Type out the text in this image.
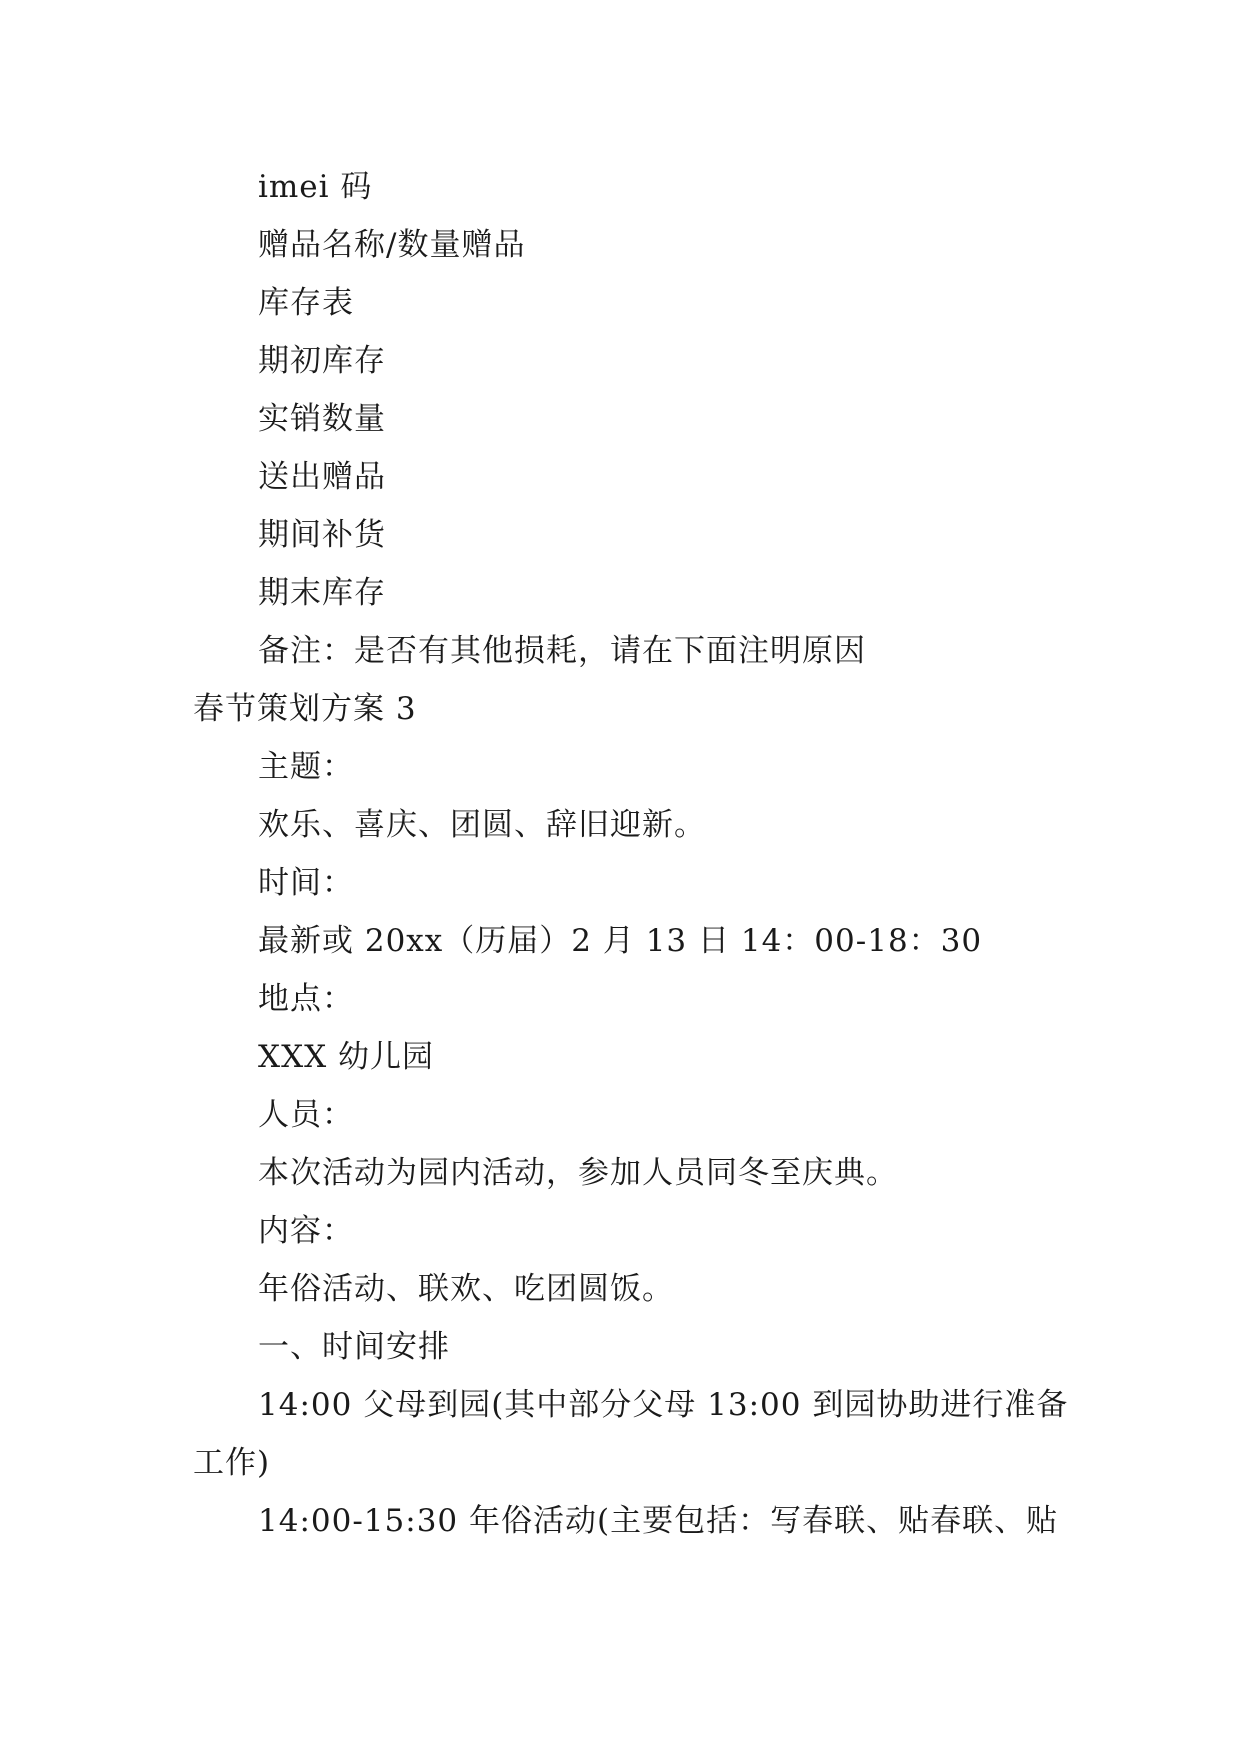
imei 码
赠品名称/数量赠品
库存表
期初库存
实销数量
送出赠品
期间补货
期末库存
备注：是否有其他损耗，请在下面注明原因
春节策划方案 3
主题：
欢乐、喜庆、团圆、辞旧迎新。
时间：
最新或 20xx（历届）2 月 13 日 14：00-18：30
地点：
XXX 幼儿园
人员：
本次活动为园内活动，参加人员同冬至庆典。
内容：
年俗活动、联欢、吃团圆饭。
一、时间安排
14:00 父母到园(其中部分父母 13:00 到园协助进行准备
工作)
14:00-15:30 年俗活动(主要包括：写春联、贴春联、贴
